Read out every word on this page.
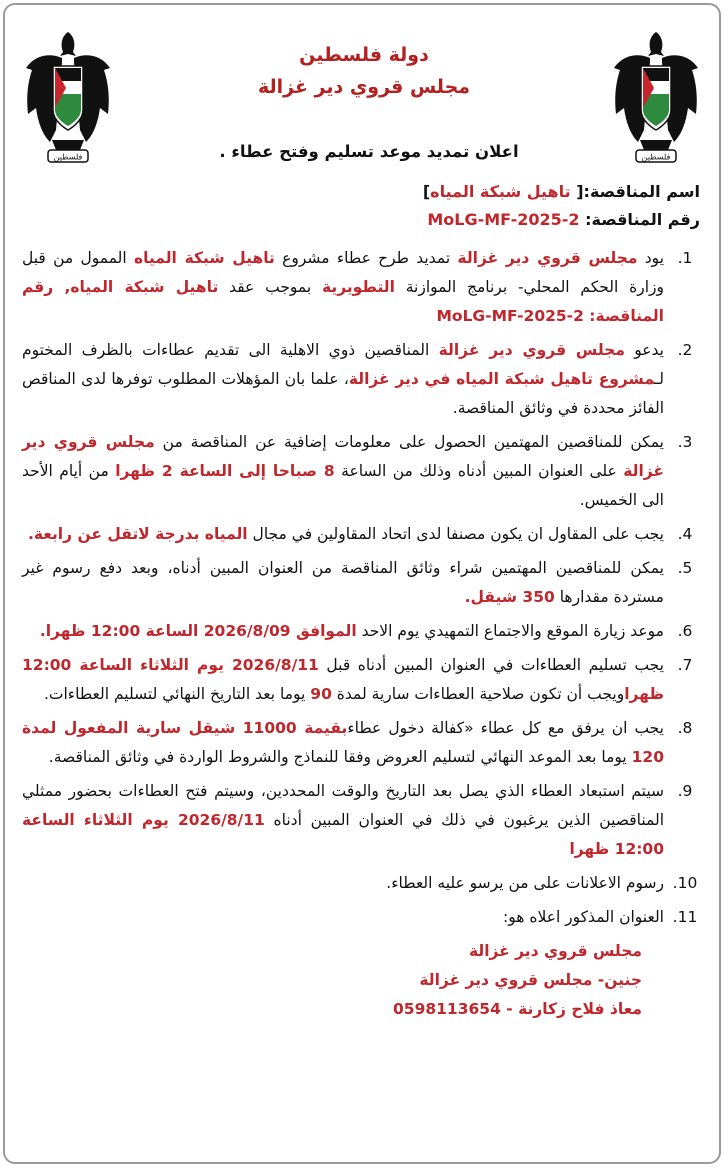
فلسطين
فلسطين
دولة فلسطين
مجلس قروي دير غزالة
اعلان تمديد موعد تسليم وفتح عطاء .
اسم المناقصة:[ تاهيل شبكة المياه]
رقم المناقصة: MoLG-MF-2025-2
1.
يود مجلس قروي دير غزالة تمديد طرح عطاء مشروع تاهيل شبكة المياه الممول من قبل وزارة الحكم المحلي- برنامج الموازنة التطويرية بموجب عقد تاهيل شبكة المياه, رقم المناقصة: MoLG-MF-2025-2
2.
يدعو مجلس قروي دير غزالة المناقصين ذوي الاهلية الى تقديم عطاءات بالظرف المختوم لـمشروع تاهيل شبكة المياه في دير غزالة، علما بان المؤهلات المطلوب توفرها لدى المناقص الفائز محددة في وثائق المناقصة.
3.
يمكن للمناقصين المهتمين الحصول على معلومات إضافية عن المناقصة من مجلس قروي دير غزالة على العنوان المبين أدناه وذلك من الساعة 8 صباحا إلى الساعة 2 ظهرا من أيام الأحد الى الخميس.
4.
يجب على المقاول ان يكون مصنفا لدى اتحاد المقاولين في مجال المياه بدرجة لاتقل عن رابعة.
5.
يمكن للمناقصين المهتمين شراء وثائق المناقصة من العنوان المبين أدناه، وبعد دفع رسوم غير مستردة مقدارها 350 شيقل.
6.
موعد زيارة الموقع والاجتماع التمهيدي يوم الاحد الموافق 2026/8/09 الساعة 12:00 ظهرا.
7.
يجب تسليم العطاءات في العنوان المبين أدناه قبل 2026/8/11 يوم الثلاثاء الساعة 12:00 ظهراويجب أن تكون صلاحية العطاءات سارية لمدة 90 يوما بعد التاريخ النهائي لتسليم العطاءات.
8.
يجب ان يرفق مع كل عطاء «كفالة دخول عطاءبقيمة 11000 شيقل سارية المفعول لمدة 120 يوما بعد الموعد النهائي لتسليم العروض وفقا للنماذج والشروط الواردة في وثائق المناقصة.
9.
سيتم استبعاد العطاء الذي يصل بعد التاريخ والوقت المحددين، وسيتم فتح العطاءات بحضور ممثلي المناقصين الذين يرغبون في ذلك في العنوان المبين أدناه 2026/8/11 يوم الثلاثاء الساعة 12:00 ظهرا
10.
رسوم الاعلانات على من يرسو عليه العطاء.
11.
العنوان المذكور اعلاه هو:
مجلس قروي دير غزالة
جنين- مجلس قروي دير غزالة
معاذ فلاح زكارنة - 0598113654
